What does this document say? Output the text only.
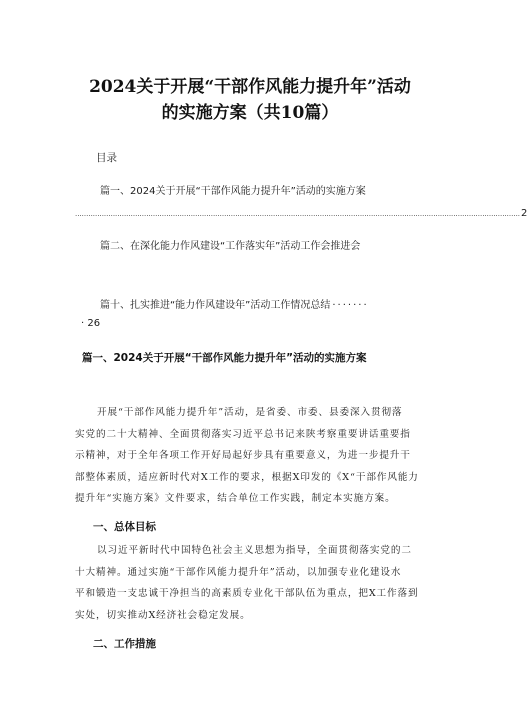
2024关于开展“干部作风能力提升年”活动
的实施方案（共10篇）
目录
篇一、2024关于开展“干部作风能力提升年”活动的实施方案
........................................................................................................................................................................................................ 2
篇二、在深化能力作风建设“工作落实年”活动工作会推进会
篇十、扎实推进“能力作风建设年”活动工作情况总结 ·······
· 26
篇一、2024关于开展“干部作风能力提升年”活动的实施方案
开展“干部作风能力提升年”活动，是省委、市委、县委深入贯彻落
实党的二十大精神、全面贯彻落实习近平总书记来陕考察重要讲话重要指
示精神，对于全年各项工作开好局起好步具有重要意义，为进一步提升干
部整体素质，适应新时代对X工作的要求，根据X印发的《X“干部作风能力
提升年“实施方案》文件要求，结合单位工作实践，制定本实施方案。
一、总体目标
以习近平新时代中国特色社会主义思想为指导，全面贯彻落实党的二
十大精神。通过实施“干部作风能力提升年”活动，以加强专业化建设水
平和锻造一支忠诚干净担当的高素质专业化干部队伍为重点，把X工作落到
实处，切实推动X经济社会稳定发展。
二、工作措施
